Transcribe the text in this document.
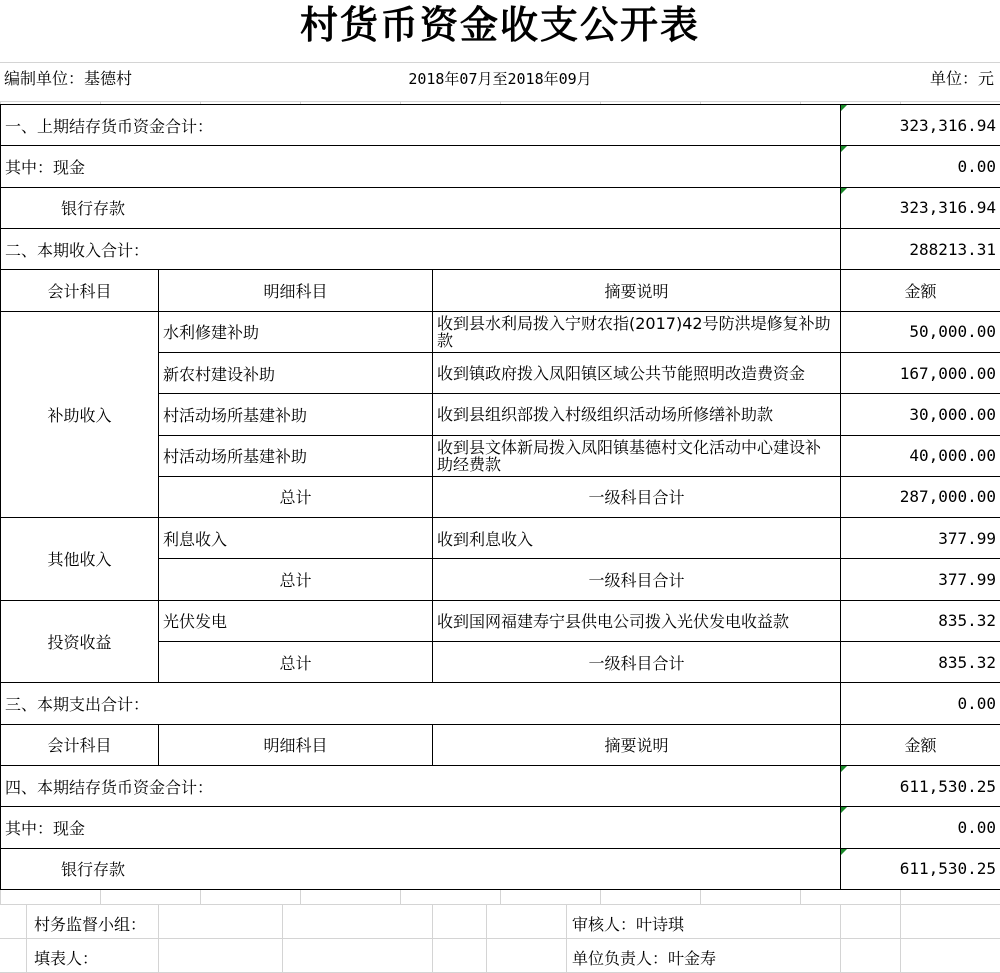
村货币资金收支公开表
编制单位：基德村	2018年07月至2018年09月	单位：元
一、上期结存货币资金合计：			323,316.94
其中：现金			0.00
银行存款			323,316.94
二、本期收入合计：			288213.31
会计科目	明细科目	摘要说明	金额
补助收入	水利修建补助	收到县水利局拨入宁财农指(2017)42号防洪堤修复补助款	50,000.00
	新农村建设补助	收到镇政府拨入凤阳镇区域公共节能照明改造费资金	167,000.00
	村活动场所基建补助	收到县组织部拨入村级组织活动场所修缮补助款	30,000.00
	村活动场所基建补助	收到县文体新局拨入凤阳镇基德村文化活动中心建设补助经费款	40,000.00
	总计	一级科目合计	287,000.00
其他收入	利息收入	收到利息收入	377.99
	总计	一级科目合计	377.99
投资收益	光伏发电	收到国网福建寿宁县供电公司拨入光伏发电收益款	835.32
	总计	一级科目合计	835.32
三、本期支出合计：			0.00
会计科目	明细科目	摘要说明	金额
四、本期结存货币资金合计：			611,530.25
其中：现金			0.00
银行存款			611,530.25
村务监督小组：	审核人：叶诗琪
填表人：	单位负责人：叶金寿
